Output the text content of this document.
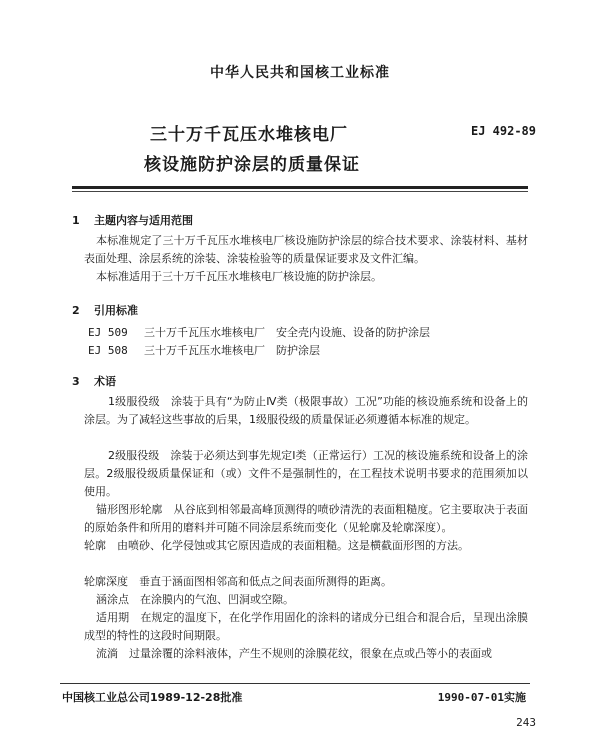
中华人民共和国核工业标准
三十万千瓦压水堆核电厂
核设施防护涂层的质量保证
EJ 492-89
1 主题内容与适用范围
本标准规定了三十万千瓦压水堆核电厂核设施防护涂层的综合技术要求、涂装材料、基材表面处理、涂层系统的涂装、涂装检验等的质量保证要求及文件汇编。
本标准适用于三十万千瓦压水堆核电厂核设施的防护涂层。
2 引用标准
EJ 509 三十万千瓦压水堆核电厂　安全壳内设施、设备的防护涂层
EJ 508 三十万千瓦压水堆核电厂　防护涂层
3 术语
1级服役级　涂装于具有“为防止Ⅳ类（极限事故）工况”功能的核设施系统和设备上的涂层。为了减轻这些事故的后果，1级服役级的质量保证必须遵循本标准的规定。
2级服役级　涂装于必须达到事先规定Ⅰ类（正常运行）工况的核设施系统和设备上的涂层。2级服役级质量保证和（或）文件不是强制性的，在工程技术说明书要求的范围须加以使用。
锚形图形轮廓　从谷底到相邻最高峰顶测得的喷砂清洗的表面粗糙度。它主要取决于表面的原始条件和所用的磨料并可随不同涂层系统而变化（见轮廓及轮廓深度）。
轮廓　由喷砂、化学侵蚀或其它原因造成的表面粗糙。这是横截面形图的方法。
轮廓深度　垂直于涵面图相邻高和低点之间表面所测得的距离。
涵涂点　在涂膜内的气泡、凹洞或空隙。
适用期　在规定的温度下，在化学作用固化的涂料的诸成分已组合和混合后，呈现出涂膜成型的特性的这段时间期限。
流淌　过量涂覆的涂料液体，产生不规则的涂膜花纹，很象在点或凸等小的表面或
中国核工业总公司1989-12-28批准	1990-07-01实施
243
